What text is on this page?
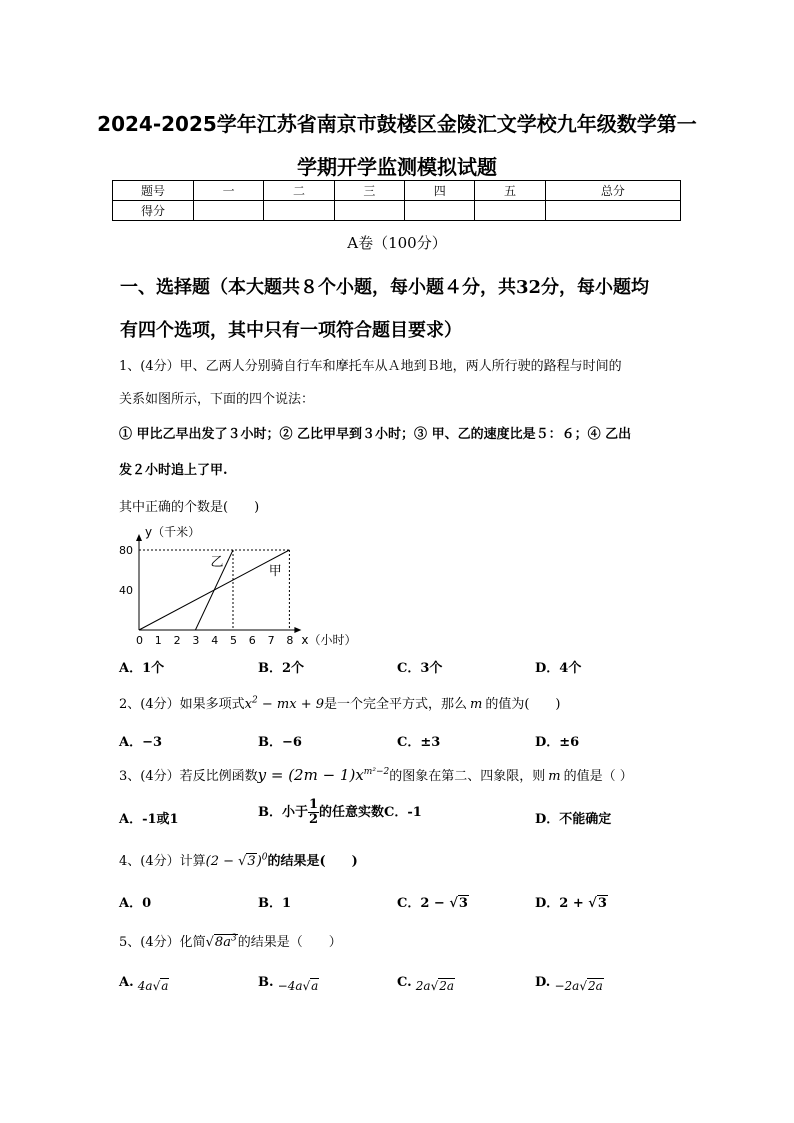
2024-2025学年江苏省南京市鼓楼区金陵汇文学校九年级数学第一
学期开学监测模拟试题
题号	一	二	三	四	五	总分
得分						
A卷（100分）
一、选择题（本大题共８个小题，每小题４分，共32分，每小题均
有四个选项，其中只有一项符合题目要求）
1、(4分）甲、乙两人分别骑自行车和摩托车从Ａ地到Ｂ地，两人所行驶的路程与时间的
关系如图所示，下面的四个说法：
① 甲比乙早出发了３小时；② 乙比甲早到３小时；③ 甲、乙的速度比是５：６；④ 乙出
发２小时追上了甲.
其中正确的个数是(　　)
甲
乙
0 1 2 3 4 5 6 7 8
40
80
y（千米）
x（小时）
A．1个	B．2个	C．3个	D．4个
2、(4分）如果多项式$x^2$ − mx + 9是一个完全平方式，那么 m 的值为(　　)
A．−3	B．−6	C．±3	D．±6
3、(4分）若反比例函数$y = (2m - 1)x^{m^2-2}$的图象在第二、四象限，则 m 的值是（ ）
A．-1或1	B．小于 $\frac{1}{2}$ 的任意实数C．-1	D．不能确定
4、(4分）计算$(2 - √3)^0$的结果是(　　)
A．0	B．1	C．2 − √3	D．2 + √3
5、(4分）化简$√8a^3$的结果是（　　）
A. 4a√a	B. −4a√a	C. 2a√2a	D. −2a√2a
